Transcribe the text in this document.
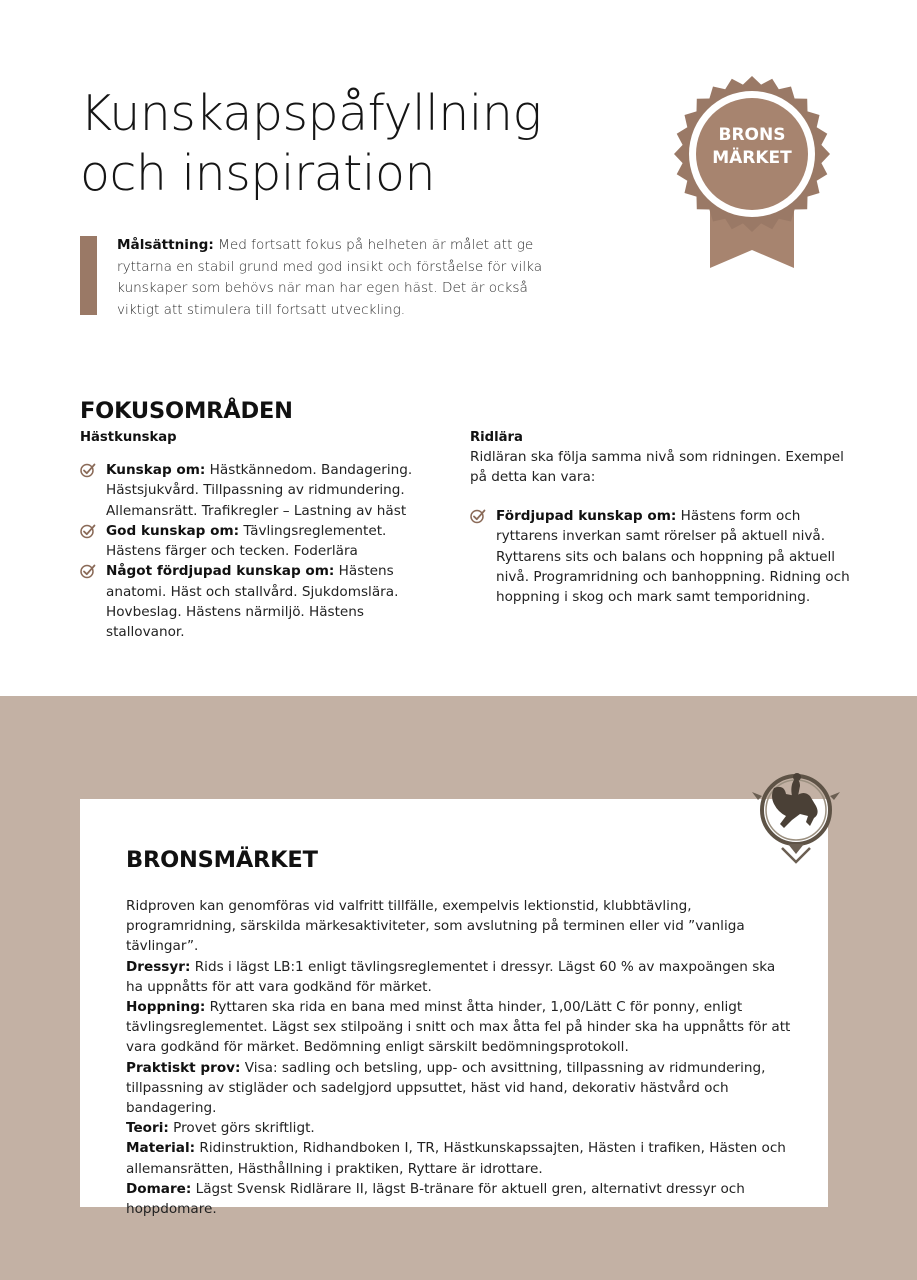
Kunskapspåfyllning
och inspiration
BRONS
MÄRKET

Målsättning: Med fortsatt fokus på helheten är målet att ge ryttarna en stabil grund med god insikt och förståelse för vilka kunskaper som behövs när man har egen häst. Det är också viktigt att stimulera till fortsatt utveckling.

FOKUSOMRÅDEN
Hästkunskap
Kunskap om: Hästkännedom. Bandagering. Hästsjukvård. Tillpassning av ridmundering. Allemansrätt. Trafikregler – Lastning av häst
God kunskap om: Tävlingsreglementet. Hästens färger och tecken. Foderlära
Något fördjupad kunskap om: Hästens anatomi. Häst och stallvård. Sjukdomslära. Hovbeslag. Hästens närmiljö. Hästens stallovanor.
Ridlära

Ridläran ska följa samma nivå som ridningen. Exempel på detta kan vara:

Fördjupad kunskap om: Hästens form och ryttarens inverkan samt rörelser på aktuell nivå. Ryttarens sits och balans och hoppning på aktuell nivå. Programridning och banhoppning. Ridning och hoppning i skog och mark samt temporidning.
BRONSMÄRKET

Ridproven kan genomföras vid valfritt tillfälle, exempelvis lektionstid, klubbtävling, programridning, särskilda märkesaktiviteter, som avslutning på terminen eller vid ”vanliga tävlingar”.

Dressyr: Rids i lägst LB:1 enligt tävlingsreglementet i dressyr. Lägst 60 % av maxpoängen ska ha uppnåtts för att vara godkänd för märket.

Hoppning: Ryttaren ska rida en bana med minst åtta hinder, 1,00/Lätt C för ponny, enligt tävlingsreglementet. Lägst sex stilpoäng i snitt och max åtta fel på hinder ska ha uppnåtts för att vara godkänd för märket. Bedömning enligt särskilt bedömningsprotokoll.

Praktiskt prov: Visa: sadling och betsling, upp- och avsittning, tillpassning av ridmundering, tillpassning av stigläder och sadelgjord uppsuttet, häst vid hand, dekorativ hästvård och bandagering.

Teori: Provet görs skriftligt.

Material: Ridinstruktion, Ridhandboken I, TR, Hästkunskapssajten, Hästen i trafiken, Hästen och allemansrätten, Hästhållning i praktiken, Ryttare är idrottare.

Domare: Lägst Svensk Ridlärare II, lägst B-tränare för aktuell gren, alternativt dressyr och hoppdomare.
